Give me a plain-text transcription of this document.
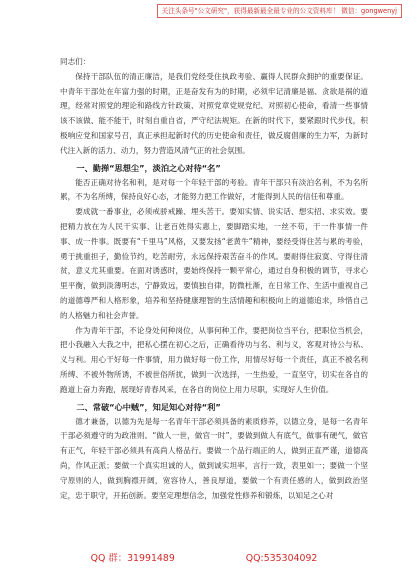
关注头条号"公文研究"，获得最新最全最专业的公文资料库！ 微信：gongwenyj

同志们：

保持干部队伍的清正廉洁，是我们党经受住执政考验、赢得人民群众拥护的重要保证。中青年干部处在年富力强的时期，正是奋发有为的时期，必须牢记清廉是福、贪欲是祸的道理，经常对照党的理论和路线方针政策、对照党章党规党纪、对照初心使命，看清一些事情该不该做、能不能干，时刻自重自省，严守纪法规矩。在新的时代下，要紧跟时代步伐，积极响应党和国家号召，真正承担起新时代的历史使命和责任，做反腐倡廉的生力军，为新时代注入新的活力、动力，努力营造风清气正的社会氛围。

一、勤掸“思想尘”，淡泊之心对待“名”

能否正确对待名和利，是对每一个年轻干部的考验。青年干部只有淡泊名利，不为名所累，不为名所缚，保持良好心态，才能努力把工作做好，才能得到人民的信任和尊重。

要成就一番事业，必须戒骄戒躁、埋头苦干。要知实情、说实话、想实招、求实效。要把精力放在为人民干实事、让老百姓得实惠上，要脚踏实地，一丝不苟，干一件事情一件事、成一件事。既要有“千里马”风格，又要发扬“老黄牛”精神，要经受得住苦与累的考验，勇于挑重担子，勤俭节约，吃苦耐劳，永远保持艰苦奋斗的作风。要耐得住寂寞、守得住清贫，意义尤其重要。在面对诱惑时，要始终保持一颗平常心，通过自身积极的调节，寻求心里平衡，做到淡薄明志，宁静致远，要慎独自律，防微杜渐，在日常工作、生活中重视自己的道德尊严和人格形象，培养和坚持健康理智的生活情趣和积极向上的道德追求，珍惜自己的人格魅力和社会声誉。

作为青年干部，不论身处何种岗位，从事何种工作，要把岗位当平台，把职位当机会，把小我融入大我之中，把私心摆在初心之后，正确看待功与名、利与义，客观对待公与私、义与利。用心干好每一件事情，用力做好每一份工作，用情尽好每一个责任，真正不被名利所缚、不被外物所诱，不被世俗所扰，做到一次选择，一生热爱，一直坚守，切实在各自的跑道上奋力奔跑，展现好青春风采，在各自的岗位上用力尽职，实现好人生价值。

二、常破“心中贼”，知足知心对待“利”

德才兼备，以德为先是每一名青年干部必须具备的素质修养，以德立身，是每一名青年干部必须遵守的为政准则。“做人一世，做官一时”，要做到做人有底气，做事有硬气，做官有正气，年轻干部必须具有高尚人格品行。要做一个品行端正的人，做到正直严谨，道德高尚，作风正派；要做一个真实坦诚的人，做到诚实坦率，言行一致，表里如一；要做一个坚守原则的人，做到胸襟开阔，宽容待人，善良厚道，要做一个有责任感的人，做到政治坚定，忠于职守，开拓创新。要坚定理想信念，加强党性修养和锻炼，以知足之心对

QQ 群：31991489	QQ:535304092
